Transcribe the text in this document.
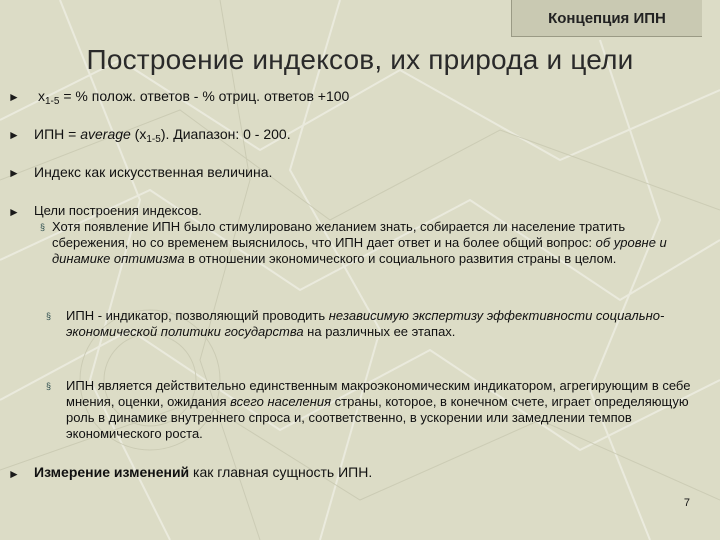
Концепция ИПН
Построение индексов, их природа и цели
► $x_{1-5}$ = % полож. ответов - % отриц. ответов +100
► ИПН = average $(x_{1-5})$. Диапазон: 0 - 200.
► Индекс как искусственная величина.
► Цели построения индексов.
§ Хотя появление ИПН было стимулировано желанием знать, собирается ли население тратить сбережения, но со временем выяснилось, что ИПН дает ответ и на более общий вопрос: об уровне и динамике оптимизма в отношении экономического и социального развития страны в целом.
§ ИПН - индикатор, позволяющий проводить независимую экспертизу эффективности социально-экономической политики государства на различных ее этапах.
§ ИПН является действительно единственным макроэкономическим индикатором, агрегирующим в себе мнения, оценки, ожидания всего населения страны, которое, в конечном счете, играет определяющую роль в динамике внутреннего спроса и, соответственно, в ускорении или замедлении темпов экономического роста.
► Измерение изменений как главная сущность ИПН.
7
